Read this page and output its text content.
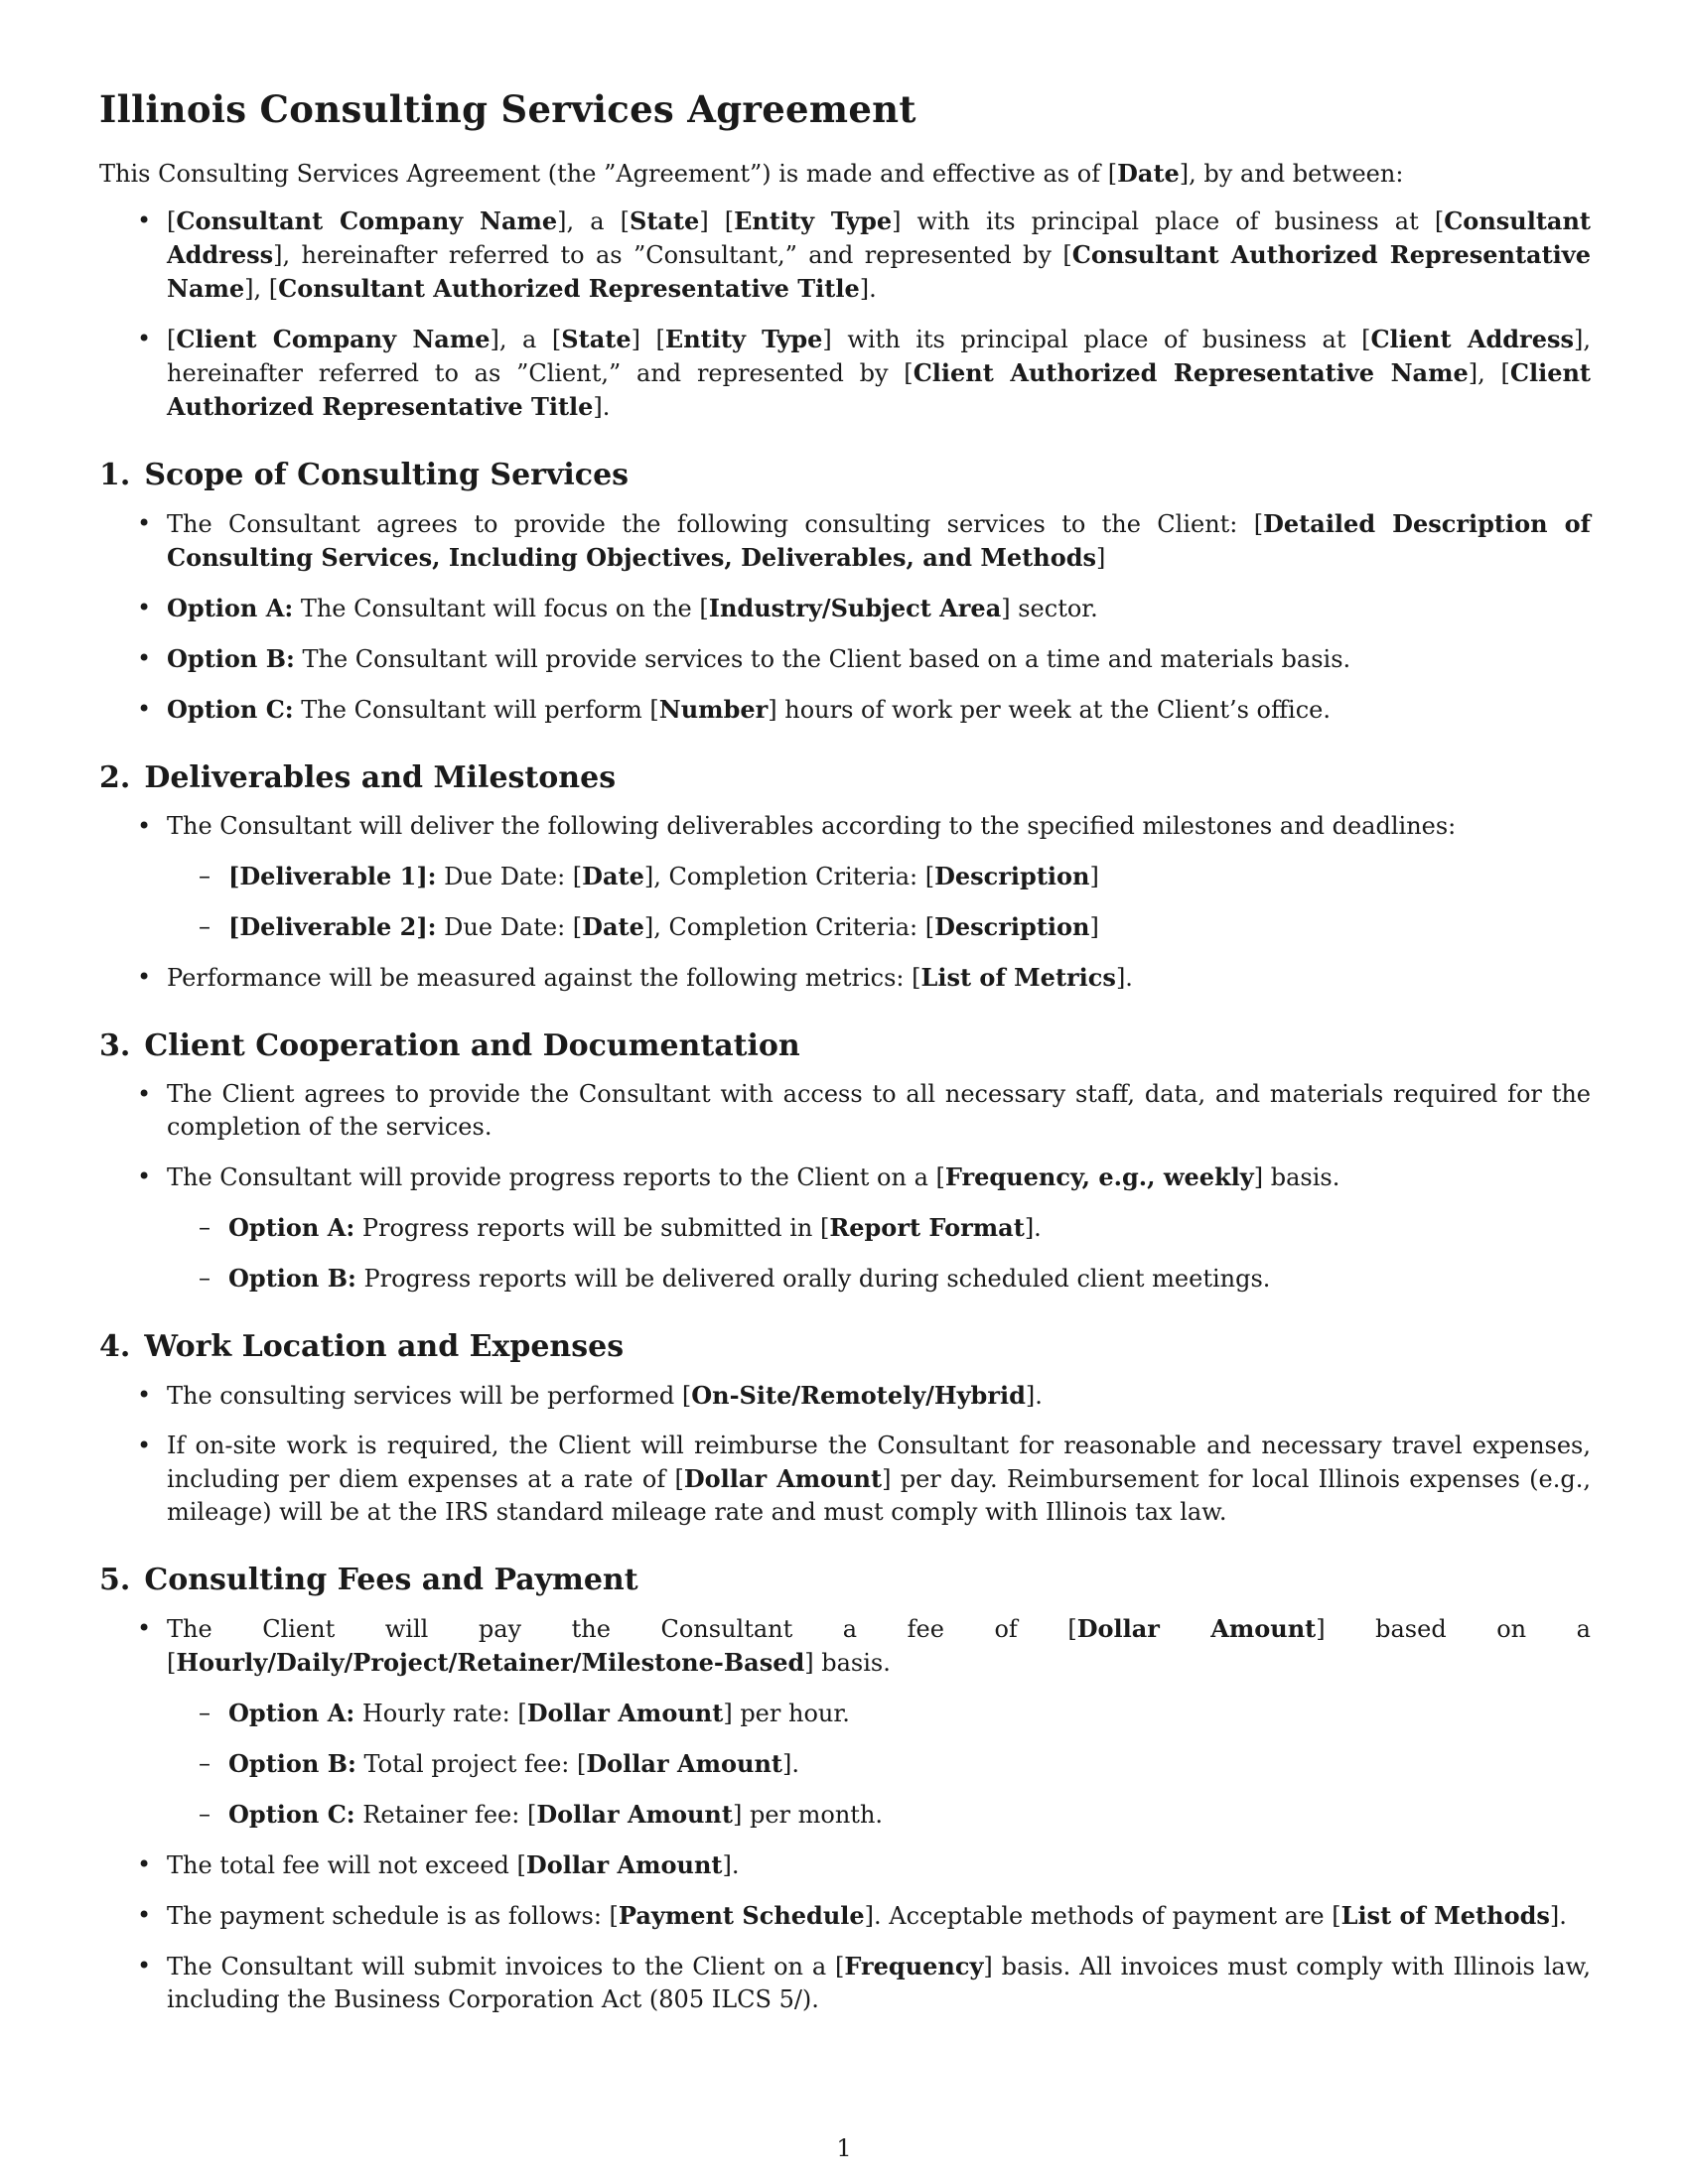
Illinois Consulting Services Agreement

This Consulting Services Agreement (the ”Agreement”) is made and effective as of [Date], by and between:

• [Consultant Company Name], a [State] [Entity Type] with its principal place of business at [Consultant Address], hereinafter referred to as ”Consultant,” and represented by [Consultant Authorized Representative Name], [Consultant Authorized Representative Title].
• [Client Company Name], a [State] [Entity Type] with its principal place of business at [Client Address], hereinafter referred to as ”Client,” and represented by [Client Authorized Representative Name], [Client Authorized Representative Title].
1. Scope of Consulting Services
• The Consultant agrees to provide the following consulting services to the Client: [Detailed Description of Consulting Services, Including Objectives, Deliverables, and Methods]
• Option A: The Consultant will focus on the [Industry/Subject Area] sector.
• Option B: The Consultant will provide services to the Client based on a time and materials basis.
• Option C: The Consultant will perform [Number] hours of work per week at the Client’s office.
2. Deliverables and Milestones
• The Consultant will deliver the following deliverables according to the specified milestones and deadlines:
– [Deliverable 1]: Due Date: [Date], Completion Criteria: [Description]
– [Deliverable 2]: Due Date: [Date], Completion Criteria: [Description]
• Performance will be measured against the following metrics: [List of Metrics].
3. Client Cooperation and Documentation
• The Client agrees to provide the Consultant with access to all necessary staff, data, and materials required for the completion of the services.
• The Consultant will provide progress reports to the Client on a [Frequency, e.g., weekly] basis.
– Option A: Progress reports will be submitted in [Report Format].
– Option B: Progress reports will be delivered orally during scheduled client meetings.
4. Work Location and Expenses
• The consulting services will be performed [On-Site/Remotely/Hybrid].
• If on-site work is required, the Client will reimburse the Consultant for reasonable and necessary travel expenses, including per diem expenses at a rate of [Dollar Amount] per day. Reimbursement for local Illinois expenses (e.g., mileage) will be at the IRS standard mileage rate and must comply with Illinois tax law.
5. Consulting Fees and Payment
• The Client will pay the Consultant a fee of [Dollar Amount] based on a [Hourly/Daily/Project/Retainer/Milestone-Based] basis.
– Option A: Hourly rate: [Dollar Amount] per hour.
– Option B: Total project fee: [Dollar Amount].
– Option C: Retainer fee: [Dollar Amount] per month.
• The total fee will not exceed [Dollar Amount].
• The payment schedule is as follows: [Payment Schedule]. Acceptable methods of payment are [List of Methods].
• The Consultant will submit invoices to the Client on a [Frequency] basis. All invoices must comply with Illinois law, including the Business Corporation Act (805 ILCS 5/).
1
